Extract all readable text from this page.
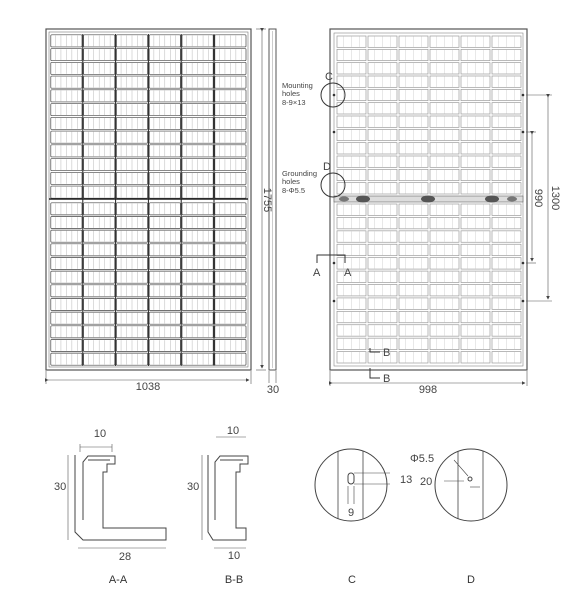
1038
1755
30
C
Mounting
holes
8-9×13
D
Grounding
holes
8-Φ5.5
A A
B
B
998
1300
990
10
30
28
A-A
10
30
10
B-B
13
9
C
Φ5.5
20
D
